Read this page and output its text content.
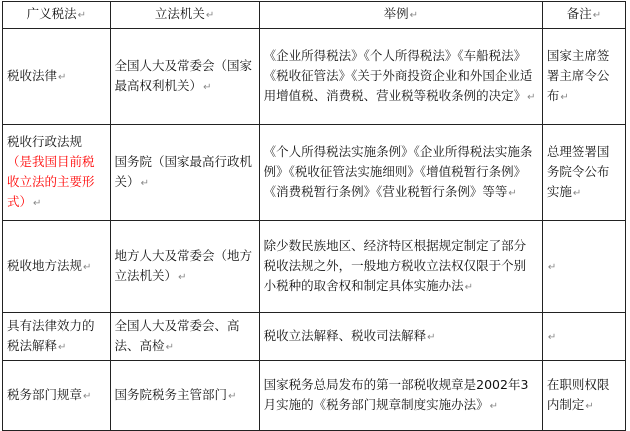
广义税法↵	立法机关↵	举例↵	备注↵
税收法律↵	全国人大及常委会（国家最高权利机关）↵	《企业所得税法》《个人所得税法》《车船税法》《税收征管法》《关于外商投资企业和外国企业适用增值税、消费税、营业税等税收条例的决定》↵	国家主席签署主席令公布↵
税收行政法规（是我国目前税收立法的主要形式）↵	国务院（国家最高行政机关）↵	《个人所得税法实施条例》《企业所得税法实施条例》《税收征管法实施细则》《增值税暂行条例》《消费税暂行条例》《营业税暂行条例》等等↵	总理签署国务院令公布实施↵
税收地方法规↵	地方人大及常委会（地方立法机关）↵	除少数民族地区、经济特区根据规定制定了部分税收法规之外，一般地方税收立法权仅限于个别小税种的取舍权和制定具体实施办法↵	↵
具有法律效力的税法解释↵	全国人大及常委会、高法、高检↵	税收立法解释、税收司法解释↵	↵
税务部门规章↵	国务院税务主管部门↵	国家税务总局发布的第一部税收规章是2002年3月实施的《税务部门规章制度实施办法》↵	在职则权限内制定↵
